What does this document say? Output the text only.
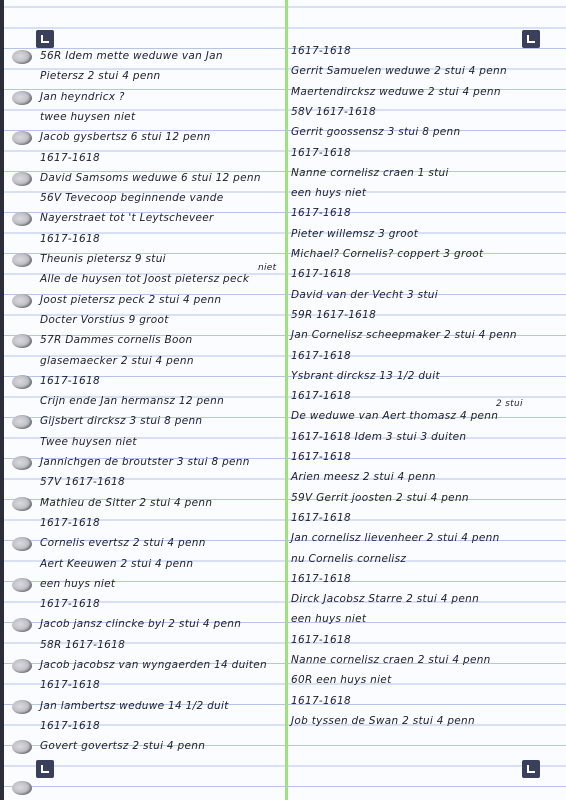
56R Idem mette weduwe van Jan
Pietersz 2 stui 4 penn
Jan heyndricx ?
twee huysen niet
Jacob gysbertsz 6 stui 12 penn
1617-1618
David Samsoms weduwe 6 stui 12 penn
56V Tevecoop beginnende vande
Nayerstraet tot 't Leytscheveer
1617-1618
Theunis pietersz 9 stui
Alle de huysen tot Joost pietersz peck
Joost pietersz peck 2 stui 4 penn
Docter Vorstius 9 groot
57R Dammes cornelis Boon
glasemaecker 2 stui 4 penn
1617-1618
Crijn ende Jan hermansz 12 penn
Gijsbert dircksz 3 stui 8 penn
Twee huysen niet
Jannichgen de broutster 3 stui 8 penn
57V 1617-1618
Mathieu de Sitter 2 stui 4 penn
1617-1618
Cornelis evertsz 2 stui 4 penn
Aert Keeuwen 2 stui 4 penn
een huys niet
1617-1618
Jacob jansz clincke byl 2 stui 4 penn
58R 1617-1618
Jacob jacobsz van wyngaerden 14 duiten
1617-1618
Jan lambertsz weduwe 14 1/2 duit
1617-1618
Govert govertsz 2 stui 4 penn
1617-1618
Gerrit Samuelen weduwe 2 stui 4 penn
Maertendircksz weduwe 2 stui 4 penn
58V 1617-1618
Gerrit goossensz 3 stui 8 penn
1617-1618
Nanne cornelisz craen 1 stui
een huys niet
1617-1618
Pieter willemsz 3 groot
Michael? Cornelis? coppert 3 groot
1617-1618
David van der Vecht 3 stui
59R 1617-1618
Jan Cornelisz scheepmaker 2 stui 4 penn
1617-1618
Ysbrant dircksz 13 1/2 duit
1617-1618
De weduwe van Aert thomasz 4 penn
1617-1618 Idem 3 stui 3 duiten
1617-1618
Arien meesz 2 stui 4 penn
59V Gerrit joosten 2 stui 4 penn
1617-1618
Jan cornelisz lievenheer 2 stui 4 penn
nu Cornelis cornelisz
1617-1618
Dirck Jacobsz Starre 2 stui 4 penn
een huys niet
1617-1618
Nanne cornelisz craen 2 stui 4 penn
60R een huys niet
1617-1618
Job tyssen de Swan 2 stui 4 penn
niet
2 stui
